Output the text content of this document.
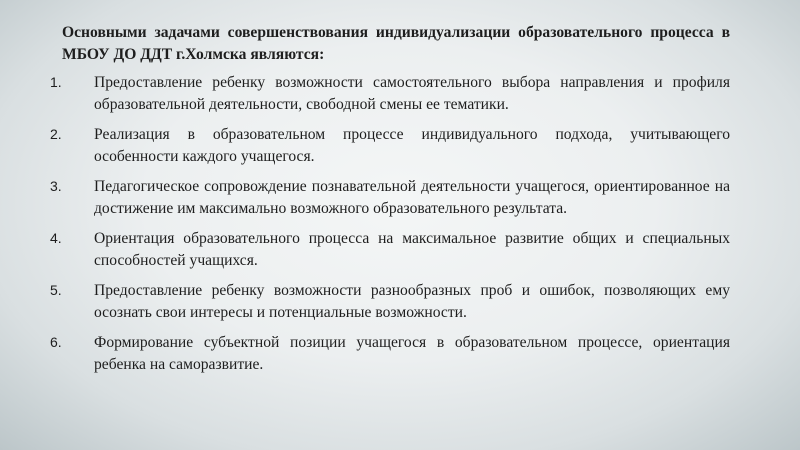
Основными задачами совершенствования индивидуализации образовательного процесса в МБОУ ДО ДДТ г.Холмска являются:

1. Предоставление ребенку возможности самостоятельного выбора направления и профиля образовательной деятельности, свободной смены ее тематики.
2. Реализация в образовательном процессе индивидуального подхода, учитывающего особенности каждого учащегося.
3. Педагогическое сопровождение познавательной деятельности учащегося, ориентированное на достижение им максимально возможного образовательного результата.
4. Ориентация образовательного процесса на максимальное развитие общих и специальных способностей учащихся.
5. Предоставление ребенку возможности разнообразных проб и ошибок, позволяющих ему осознать свои интересы и потенциальные возможности.
6. Формирование субъектной позиции учащегося в образовательном процессе, ориентация ребенка на саморазвитие.
